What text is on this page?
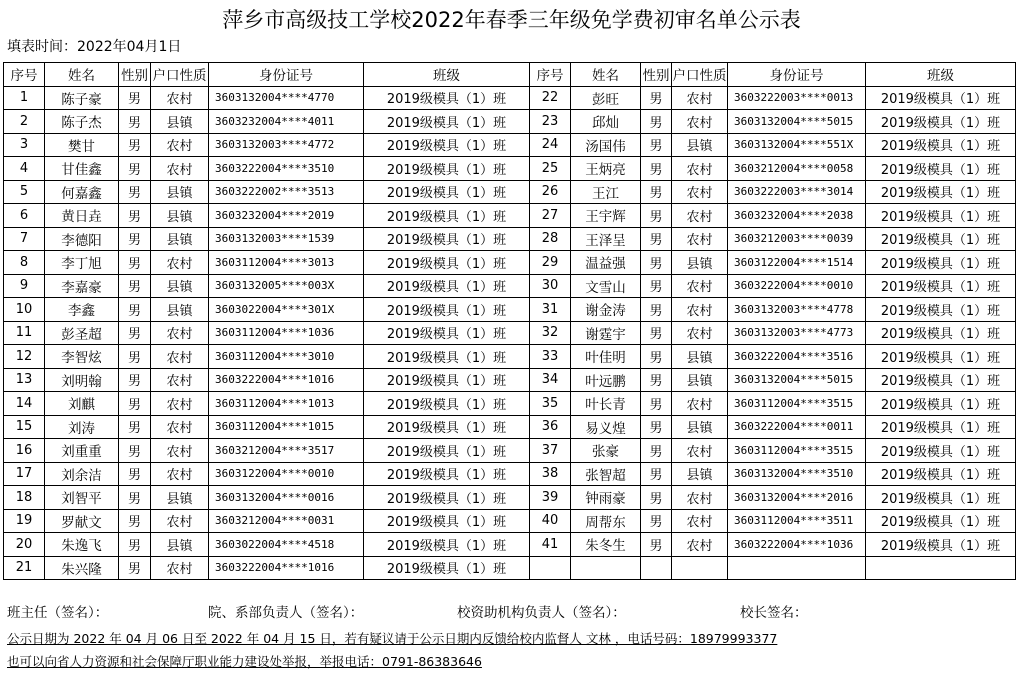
萍乡市高级技工学校2022年春季三年级免学费初审名单公示表
填表时间：2022年04月1日
序号	姓名	性别	户口性质	身份证号	班级	序号	姓名	性别	户口性质	身份证号	班级
1	陈子豪	男	农村	3603132004****4770	2019级模具（1）班	22	彭旺	男	农村	3603222003****0013	2019级模具（1）班
2	陈子杰	男	县镇	3603232004****4011	2019级模具（1）班	23	邱灿	男	农村	3603132004****5015	2019级模具（1）班
3	樊甘	男	农村	3603132003****4772	2019级模具（1）班	24	汤国伟	男	县镇	3603132004****551X	2019级模具（1）班
4	甘佳鑫	男	农村	3603222004****3510	2019级模具（1）班	25	王炳亮	男	农村	3603212004****0058	2019级模具（1）班
5	何嘉鑫	男	县镇	3603222002****3513	2019级模具（1）班	26	王江	男	农村	3603222003****3014	2019级模具（1）班
6	黄日垚	男	县镇	3603232004****2019	2019级模具（1）班	27	王宇辉	男	农村	3603232004****2038	2019级模具（1）班
7	李德阳	男	县镇	3603132003****1539	2019级模具（1）班	28	王泽呈	男	农村	3603212003****0039	2019级模具（1）班
8	李丁旭	男	农村	3603112004****3013	2019级模具（1）班	29	温益强	男	县镇	3603122004****1514	2019级模具（1）班
9	李嘉豪	男	县镇	3603132005****003X	2019级模具（1）班	30	文雪山	男	农村	3603222004****0010	2019级模具（1）班
10	李鑫	男	县镇	3603022004****301X	2019级模具（1）班	31	谢金涛	男	农村	3603132003****4778	2019级模具（1）班
11	彭圣超	男	农村	3603112004****1036	2019级模具（1）班	32	谢霆宇	男	农村	3603132003****4773	2019级模具（1）班
12	李智炫	男	农村	3603112004****3010	2019级模具（1）班	33	叶佳明	男	县镇	3603222004****3516	2019级模具（1）班
13	刘明翰	男	农村	3603222004****1016	2019级模具（1）班	34	叶远鹏	男	县镇	3603132004****5015	2019级模具（1）班
14	刘麒	男	农村	3603112004****1013	2019级模具（1）班	35	叶长青	男	农村	3603112004****3515	2019级模具（1）班
15	刘涛	男	农村	3603112004****1015	2019级模具（1）班	36	易义煌	男	县镇	3603222004****0011	2019级模具（1）班
16	刘重重	男	农村	3603212004****3517	2019级模具（1）班	37	张豪	男	农村	3603112004****3515	2019级模具（1）班
17	刘余洁	男	农村	3603122004****0010	2019级模具（1）班	38	张智超	男	县镇	3603132004****3510	2019级模具（1）班
18	刘智平	男	县镇	3603132004****0016	2019级模具（1）班	39	钟雨豪	男	农村	3603132004****2016	2019级模具（1）班
19	罗献文	男	农村	3603212004****0031	2019级模具（1）班	40	周帮东	男	农村	3603112004****3511	2019级模具（1）班
20	朱逸飞	男	县镇	3603022004****4518	2019级模具（1）班	41	朱冬生	男	农村	3603222004****1036	2019级模具（1）班
21	朱兴隆	男	农村	3603222004****1016	2019级模具（1）班						
班主任（签名）：	院、系部负责人（签名）：	校资助机构负责人（签名）：	校长签名：
公示日期为 2022 年 04 月 06 日至 2022 年 04 月 15 日，若有疑议请于公示日期内反馈给校内监督人 文林 ，电话号码：18979993377
也可以向省人力资源和社会保障厅职业能力建设处举报，举报电话：0791-86383646
